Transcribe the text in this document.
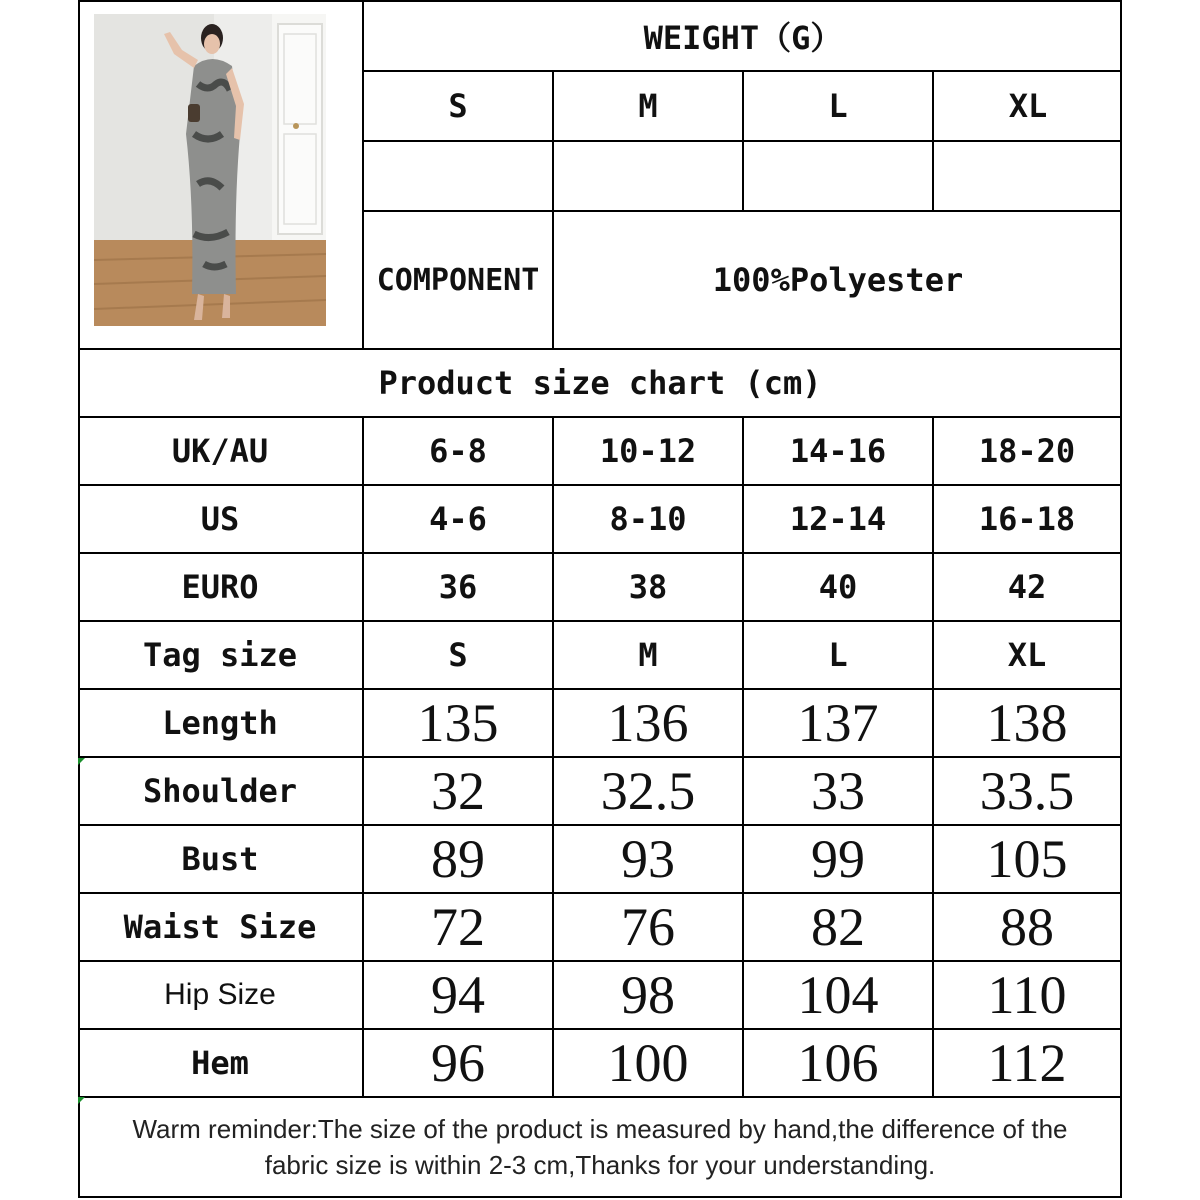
WEIGHT（G）
S	M	L	XL
COMPONENT	100%Polyester
Product size chart (cm)
UK/AU	6-8	10-12	14-16	18-20
US	4-6	8-10	12-14	16-18
EURO	36	38	40	42
Tag size	S	M	L	XL
Length	135	136	137	138
Shoulder	32	32.5	33	33.5
Bust	89	93	99	105
Waist Size	72	76	82	88
Hip Size	94	98	104	110
Hem	96	100	106	112
Warm reminder:The size of the product is measured by hand,the difference of the
fabric size is within 2-3 cm,Thanks for your understanding.
